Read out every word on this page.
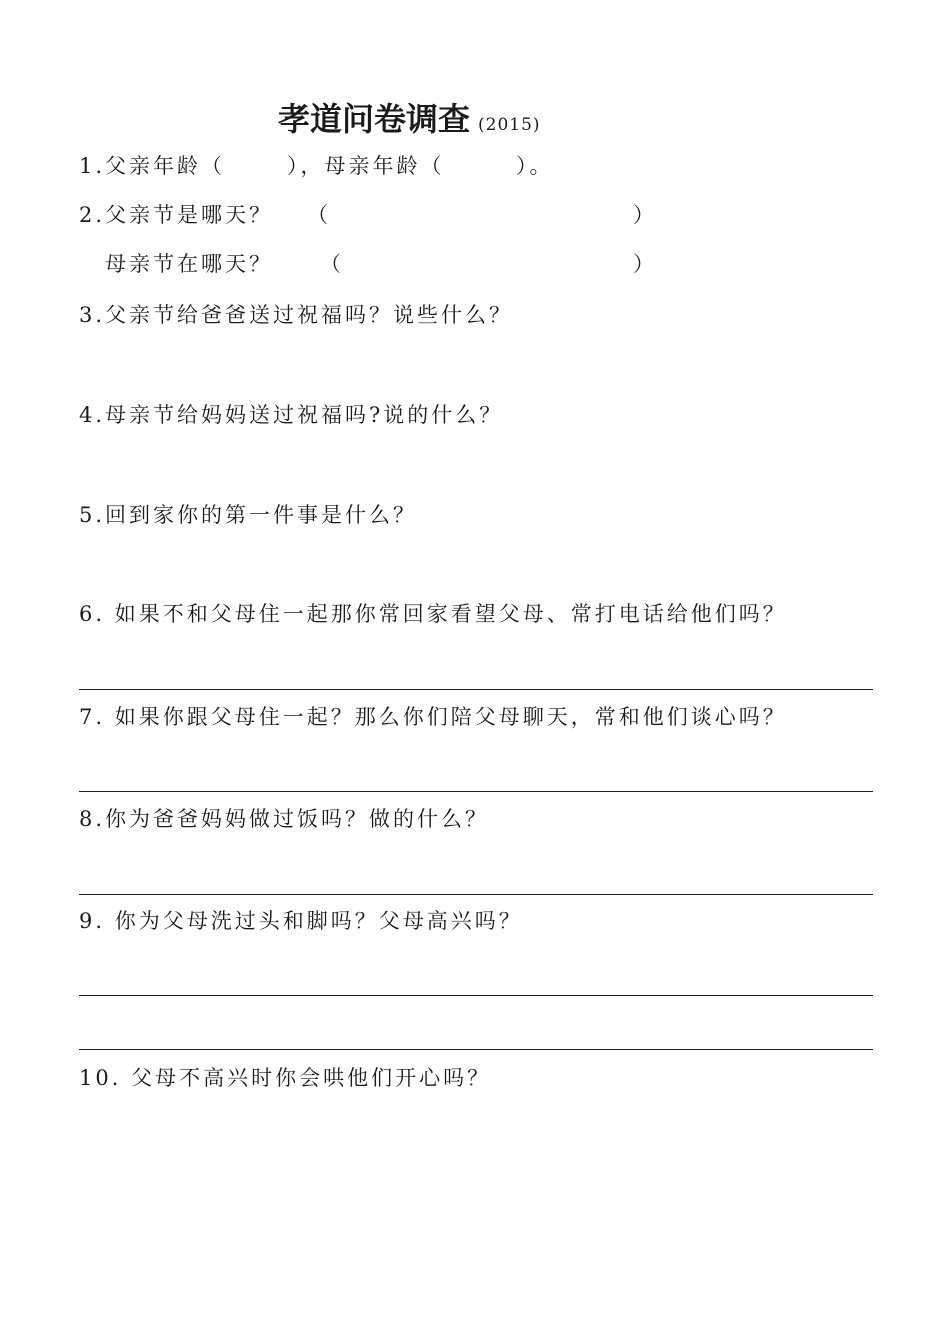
孝道问卷调查 (2015)
1.父亲年龄（	），母亲年龄（	）。
2.父亲节是哪天？ （	）
母亲节在哪天？ （	）
3.父亲节给爸爸送过祝福吗？说些什么？
4.母亲节给妈妈送过祝福吗?说的什么？
5.回到家你的第一件事是什么？
6. 如果不和父母住一起那你常回家看望父母、常打电话给他们吗？
7. 如果你跟父母住一起？那么你们陪父母聊天，常和他们谈心吗？
8.你为爸爸妈妈做过饭吗？做的什么？
9. 你为父母洗过头和脚吗？父母高兴吗？
10. 父母不高兴时你会哄他们开心吗？
